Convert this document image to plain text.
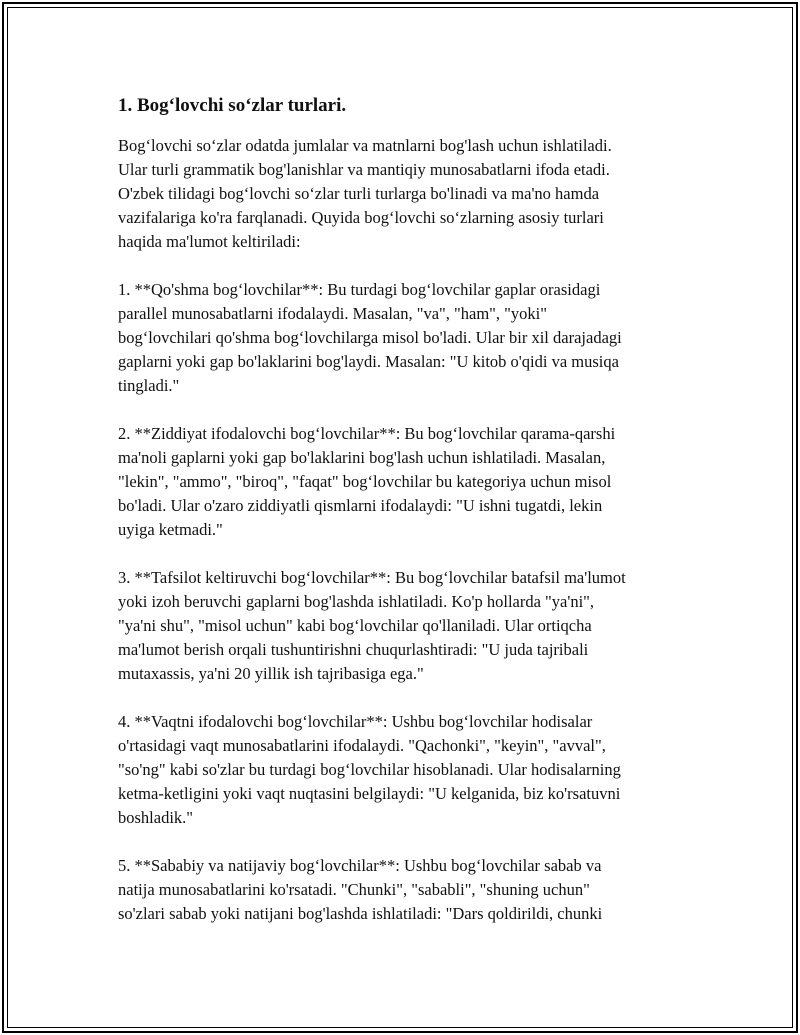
1. Bog‘lovchi so‘zlar turlari.

Bog‘lovchi so‘zlar odatda jumlalar va matnlarni bog'lash uchun ishlatiladi.
Ular turli grammatik bog'lanishlar va mantiqiy munosabatlarni ifoda etadi.
O'zbek tilidagi bog‘lovchi so‘zlar turli turlarga bo'linadi va ma'no hamda
vazifalariga ko'ra farqlanadi. Quyida bog‘lovchi so‘zlarning asosiy turlari
haqida ma'lumot keltiriladi:

1. **Qo'shma bog‘lovchilar**: Bu turdagi bog‘lovchilar gaplar orasidagi
parallel munosabatlarni ifodalaydi. Masalan, "va", "ham", "yoki"
bog‘lovchilari qo'shma bog‘lovchilarga misol bo'ladi. Ular bir xil darajadagi
gaplarni yoki gap bo'laklarini bog'laydi. Masalan: "U kitob o'qidi va musiqa
tingladi."

2. **Ziddiyat ifodalovchi bog‘lovchilar**: Bu bog‘lovchilar qarama-qarshi
ma'noli gaplarni yoki gap bo'laklarini bog'lash uchun ishlatiladi. Masalan,
"lekin", "ammo", "biroq", "faqat" bog‘lovchilar bu kategoriya uchun misol
bo'ladi. Ular o'zaro ziddiyatli qismlarni ifodalaydi: "U ishni tugatdi, lekin
uyiga ketmadi."

3. **Tafsilot keltiruvchi bog‘lovchilar**: Bu bog‘lovchilar batafsil ma'lumot
yoki izoh beruvchi gaplarni bog'lashda ishlatiladi. Ko'p hollarda "ya'ni",
"ya'ni shu", "misol uchun" kabi bog‘lovchilar qo'llaniladi. Ular ortiqcha
ma'lumot berish orqali tushuntirishni chuqurlashtiradi: "U juda tajribali
mutaxassis, ya'ni 20 yillik ish tajribasiga ega."

4. **Vaqtni ifodalovchi bog‘lovchilar**: Ushbu bog‘lovchilar hodisalar
o'rtasidagi vaqt munosabatlarini ifodalaydi. "Qachonki", "keyin", "avval",
"so'ng" kabi so'zlar bu turdagi bog‘lovchilar hisoblanadi. Ular hodisalarning
ketma-ketligini yoki vaqt nuqtasini belgilaydi: "U kelganida, biz ko'rsatuvni
boshladik."

5. **Sababiy va natijaviy bog‘lovchilar**: Ushbu bog‘lovchilar sabab va
natija munosabatlarini ko'rsatadi. "Chunki", "sababli", "shuning uchun"
so'zlari sabab yoki natijani bog'lashda ishlatiladi: "Dars qoldirildi, chunki
